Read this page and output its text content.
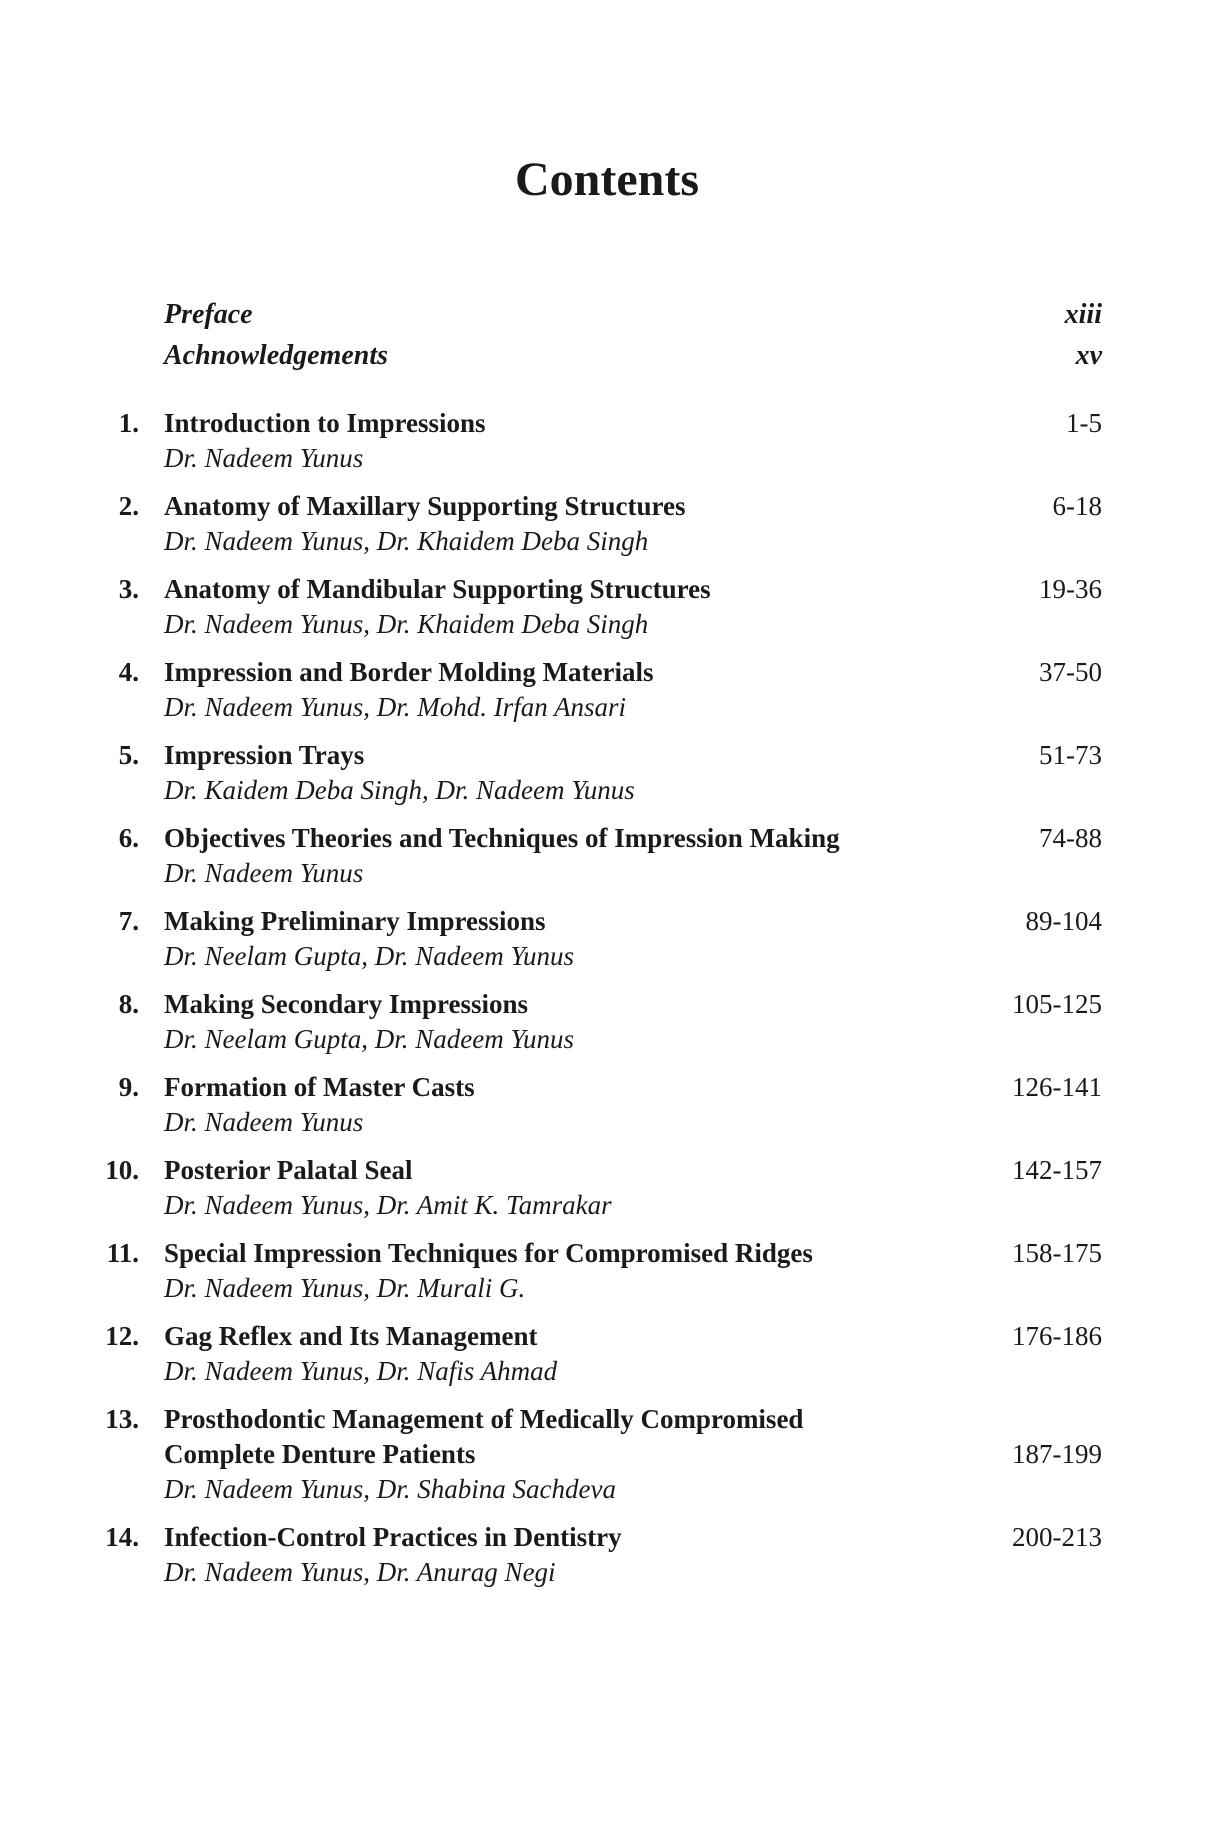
Contents
Preface	xiii
Achnowledgements	xv
1. Introduction to Impressions	1-5
Dr. Nadeem Yunus
2. Anatomy of Maxillary Supporting Structures	6-18
Dr. Nadeem Yunus, Dr. Khaidem Deba Singh
3. Anatomy of Mandibular Supporting Structures	19-36
Dr. Nadeem Yunus, Dr. Khaidem Deba Singh
4. Impression and Border Molding Materials	37-50
Dr. Nadeem Yunus, Dr. Mohd. Irfan Ansari
5. Impression Trays	51-73
Dr. Kaidem Deba Singh, Dr. Nadeem Yunus
6. Objectives Theories and Techniques of Impression Making	74-88
Dr. Nadeem Yunus
7. Making Preliminary Impressions	89-104
Dr. Neelam Gupta, Dr. Nadeem Yunus
8. Making Secondary Impressions	105-125
Dr. Neelam Gupta, Dr. Nadeem Yunus
9. Formation of Master Casts	126-141
Dr. Nadeem Yunus
10. Posterior Palatal Seal	142-157
Dr. Nadeem Yunus, Dr. Amit K. Tamrakar
11. Special Impression Techniques for Compromised Ridges	158-175
Dr. Nadeem Yunus, Dr. Murali G.
12. Gag Reflex and Its Management	176-186
Dr. Nadeem Yunus, Dr. Nafis Ahmad
13. Prosthodontic Management of Medically Compromised
Complete Denture Patients	187-199
Dr. Nadeem Yunus, Dr. Shabina Sachdeva
14. Infection-Control Practices in Dentistry	200-213
Dr. Nadeem Yunus, Dr. Anurag Negi
